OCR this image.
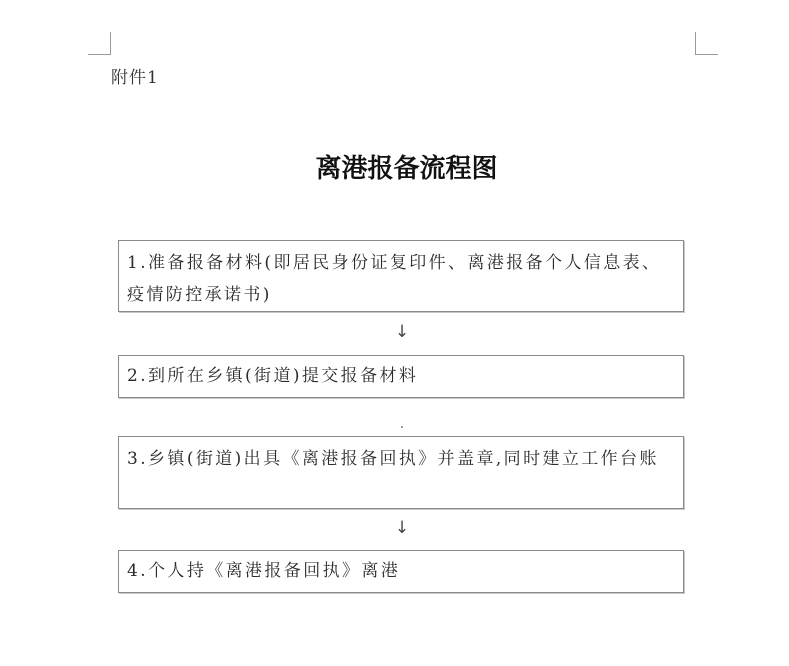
附件1
离港报备流程图
1.准备报备材料(即居民身份证复印件、离港报备个人信息表、疫情防控承诺书)
↓
2.到所在乡镇(街道)提交报备材料
3.乡镇(街道)出具《离港报备回执》并盖章,同时建立工作台账
↓
4.个人持《离港报备回执》离港
